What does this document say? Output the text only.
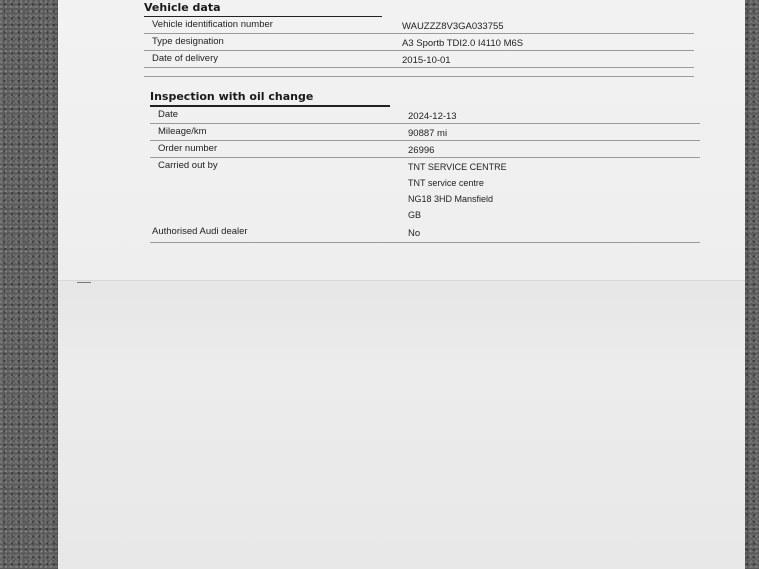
Vehicle data
Vehicle identification number	WAUZZZ8V3GA033755
Type designation	A3 Sportb TDI2.0 I4110 M6S
Date of delivery	2015-10-01
Inspection with oil change
Date	2024-12-13
Mileage/km	90887 mi
Order number	26996
Carried out by	TNT SERVICE CENTRE
TNT service centre
NG18 3HD Mansfield
GB
Authorised Audi dealer	No
